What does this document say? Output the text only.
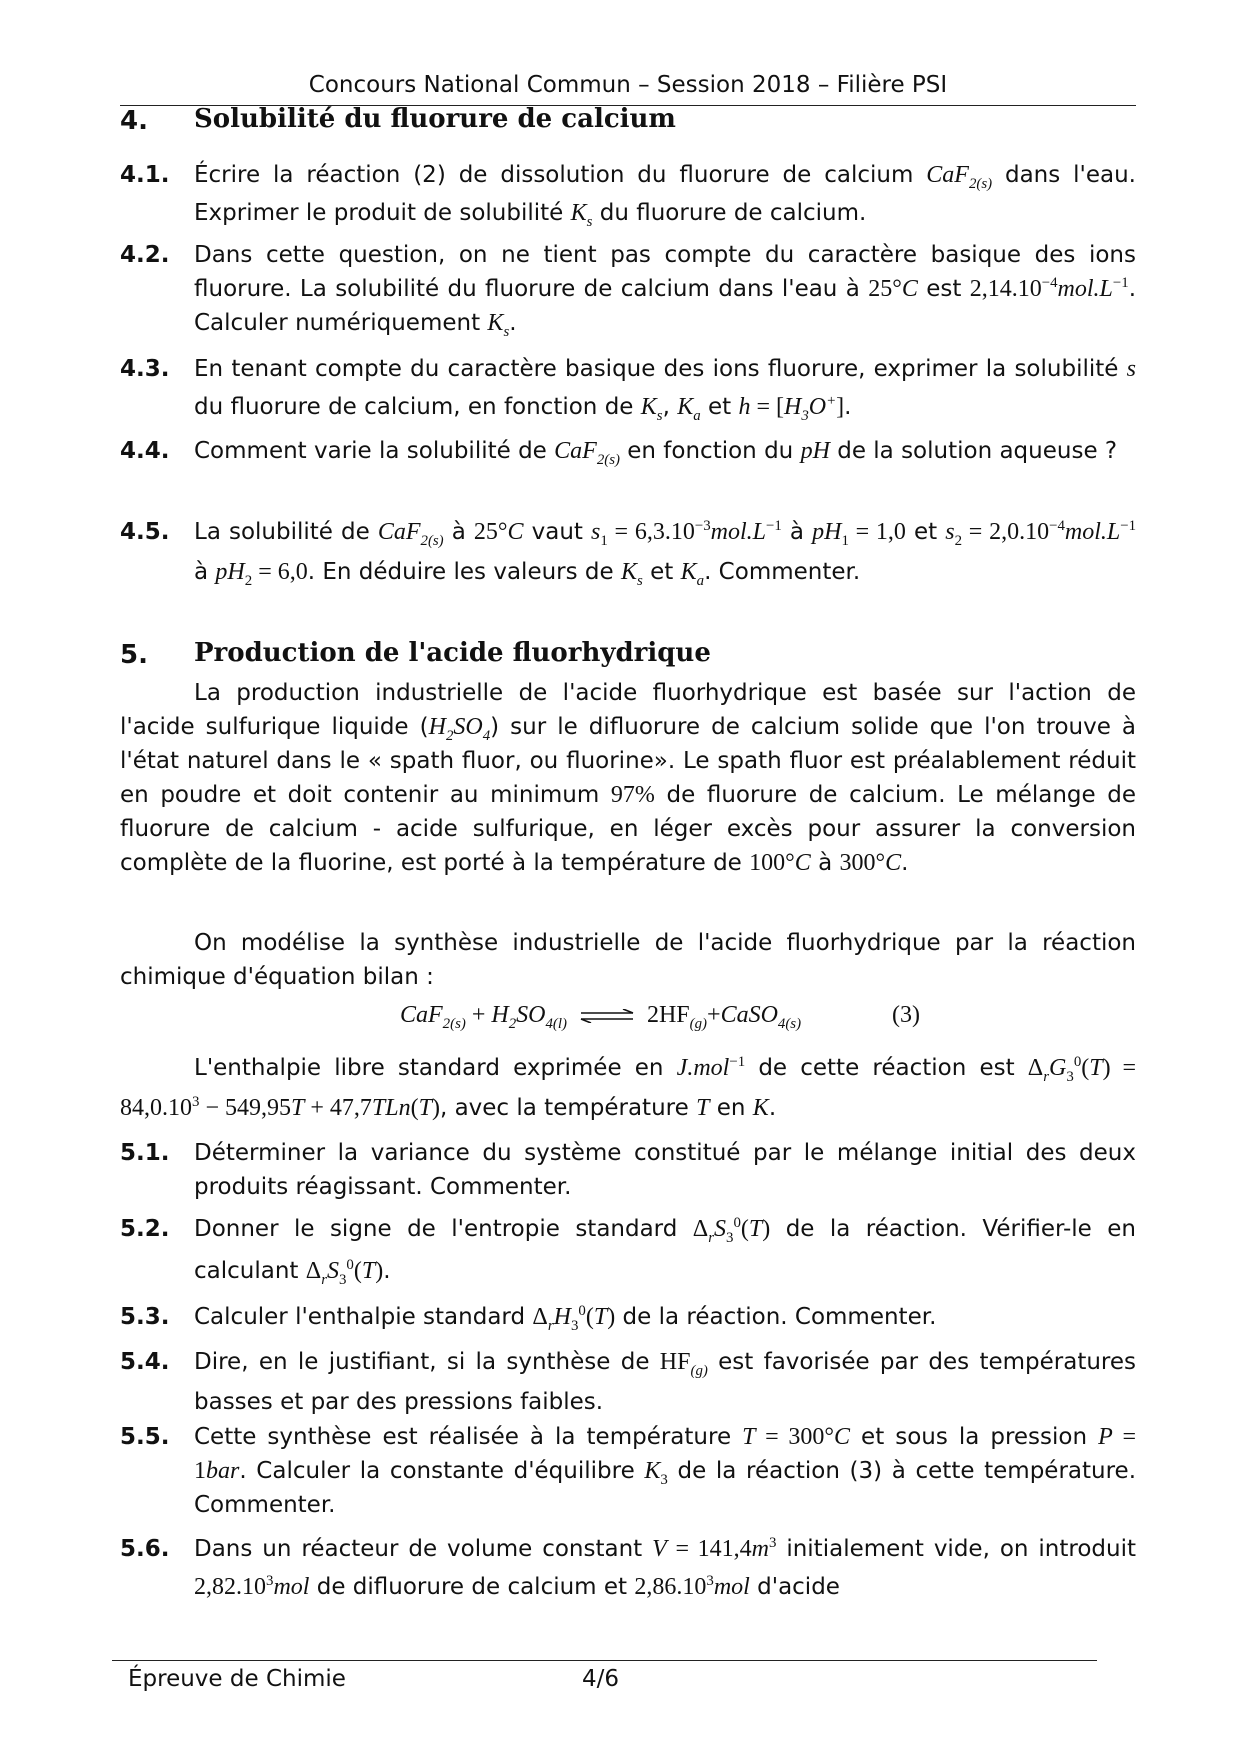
Concours National Commun – Session 2018 – Filière PSI
4. Solubilité du fluorure de calcium
4.1. Écrire la réaction (2) de dissolution du fluorure de calcium CaF$_{2(s)}$ dans l'eau. Exprimer le produit de solubilité $K_s$ du fluorure de calcium.
4.2. Dans cette question, on ne tient pas compte du caractère basique des ions fluorure. La solubilité du fluorure de calcium dans l'eau à 25°C est $2,14.10^{-4}mol.L^{-1}$. Calculer numériquement $K_s$.
4.3. En tenant compte du caractère basique des ions fluorure, exprimer la solubilité s du fluorure de calcium, en fonction de $K_s$, $K_a$ et $h = [H_3O^+]$.
4.4. Comment varie la solubilité de CaF$_{2(s)}$ en fonction du pH de la solution aqueuse ?
4.5. La solubilité de CaF$_{2(s)}$ à 25°C vaut $s_1 = 6,3.10^{-3}mol.L^{-1}$ à $pH_1 = 1,0$ et $s_2 = 2,0.10^{-4}mol.L^{-1}$ à $pH_2 = 6,0$. En déduire les valeurs de $K_s$ et $K_a$. Commenter.
5. Production de l'acide fluorhydrique
La production industrielle de l'acide fluorhydrique est basée sur l'action de l'acide sulfurique liquide $(H_2SO_4)$ sur le difluorure de calcium solide que l'on trouve à l'état naturel dans le « spath fluor, ou fluorine». Le spath fluor est préalablement réduit en poudre et doit contenir au minimum 97% de fluorure de calcium. Le mélange de fluorure de calcium - acide sulfurique, en léger excès pour assurer la conversion complète de la fluorine, est porté à la température de 100°C à 300°C.
On modélise la synthèse industrielle de l'acide fluorhydrique par la réaction chimique d'équation bilan :
$CaF_{2(s)} + H_2SO_{4(l)}$ ⇌ $2HF_{(g)}+CaSO_{4(s)}$	(3)
L'enthalpie libre standard exprimée en J.mol$^{-1}$ de cette réaction est $\Delta_rG_3^0(T) = 84,0.10^3 - 549,95T + 47,7TLn(T)$, avec la température T en K.
5.1. Déterminer la variance du système constitué par le mélange initial des deux produits réagissant. Commenter.
5.2. Donner le signe de l'entropie standard $\Delta_rS_3^0(T)$ de la réaction. Vérifier-le en calculant $\Delta_rS_3^0(T)$.
5.3. Calculer l'enthalpie standard $\Delta_rH_3^0(T)$ de la réaction. Commenter.
5.4. Dire, en le justifiant, si la synthèse de $HF_{(g)}$ est favorisée par des températures basses et par des pressions faibles.
5.5. Cette synthèse est réalisée à la température T = 300°C et sous la pression P = 1bar. Calculer la constante d'équilibre $K_3$ de la réaction (3) à cette température. Commenter.
5.6. Dans un réacteur de volume constant $V = 141,4m^3$ initialement vide, on introduit 2,82.10$^3$mol de difluorure de calcium et 2,86.10$^3$mol d'acide
Épreuve de Chimie	4/6
